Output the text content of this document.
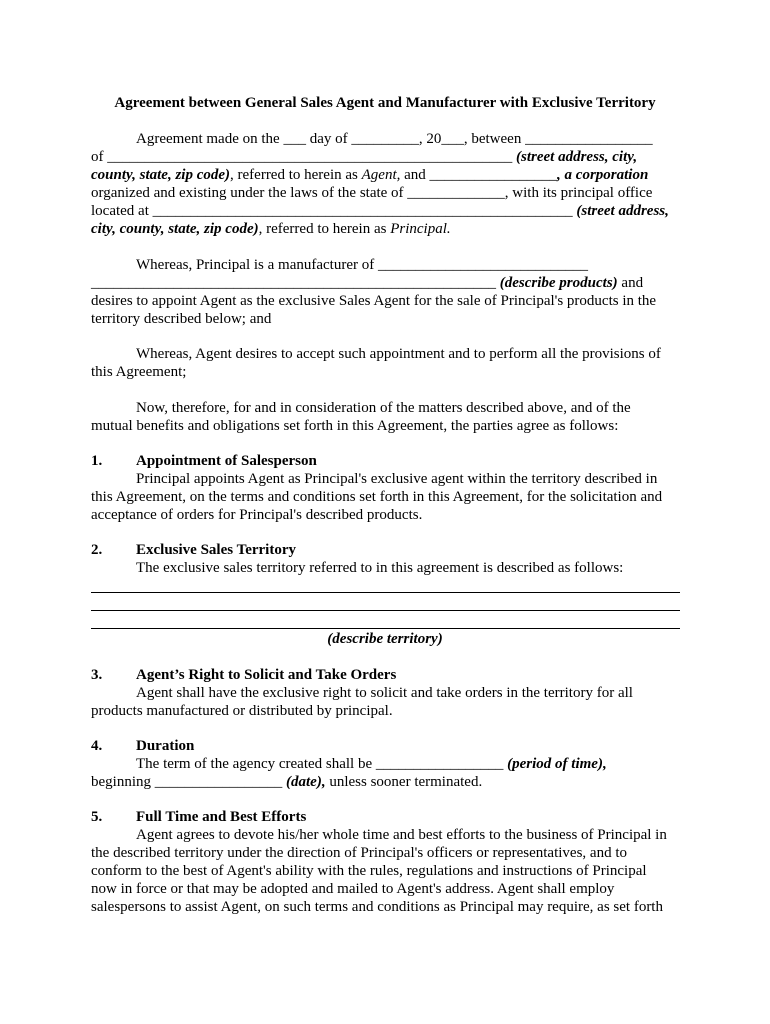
Agreement between General Sales Agent and Manufacturer with Exclusive Territory
Agreement made on the ___ day of _________, 20___, between _________________
of ______________________________________________________ (street address, city,
county, state, zip code), referred to herein as Agent, and _________________, a corporation
organized and existing under the laws of the state of _____________, with its principal office
located at ________________________________________________________ (street address,
city, county, state, zip code), referred to herein as Principal.
Whereas, Principal is a manufacturer of ____________________________
______________________________________________________ (describe products) and
desires to appoint Agent as the exclusive Sales Agent for the sale of Principal's products in the
territory described below; and
Whereas, Agent desires to accept such appointment and to perform all the provisions of
this Agreement;
Now, therefore, for and in consideration of the matters described above, and of the
mutual benefits and obligations set forth in this Agreement, the parties agree as follows:
1. Appointment of Salesperson
Principal appoints Agent as Principal's exclusive agent within the territory described in
this Agreement, on the terms and conditions set forth in this Agreement, for the solicitation and
acceptance of orders for Principal's described products.
2. Exclusive Sales Territory
The exclusive sales territory referred to in this agreement is described as follows:
(describe territory)
3. Agent’s Right to Solicit and Take Orders
Agent shall have the exclusive right to solicit and take orders in the territory for all
products manufactured or distributed by principal.
4. Duration
The term of the agency created shall be _________________ (period of time),
beginning _________________ (date), unless sooner terminated.
5. Full Time and Best Efforts
Agent agrees to devote his/her whole time and best efforts to the business of Principal in
the described territory under the direction of Principal's officers or representatives, and to
conform to the best of Agent's ability with the rules, regulations and instructions of Principal
now in force or that may be adopted and mailed to Agent's address. Agent shall employ
salespersons to assist Agent, on such terms and conditions as Principal may require, as set forth
